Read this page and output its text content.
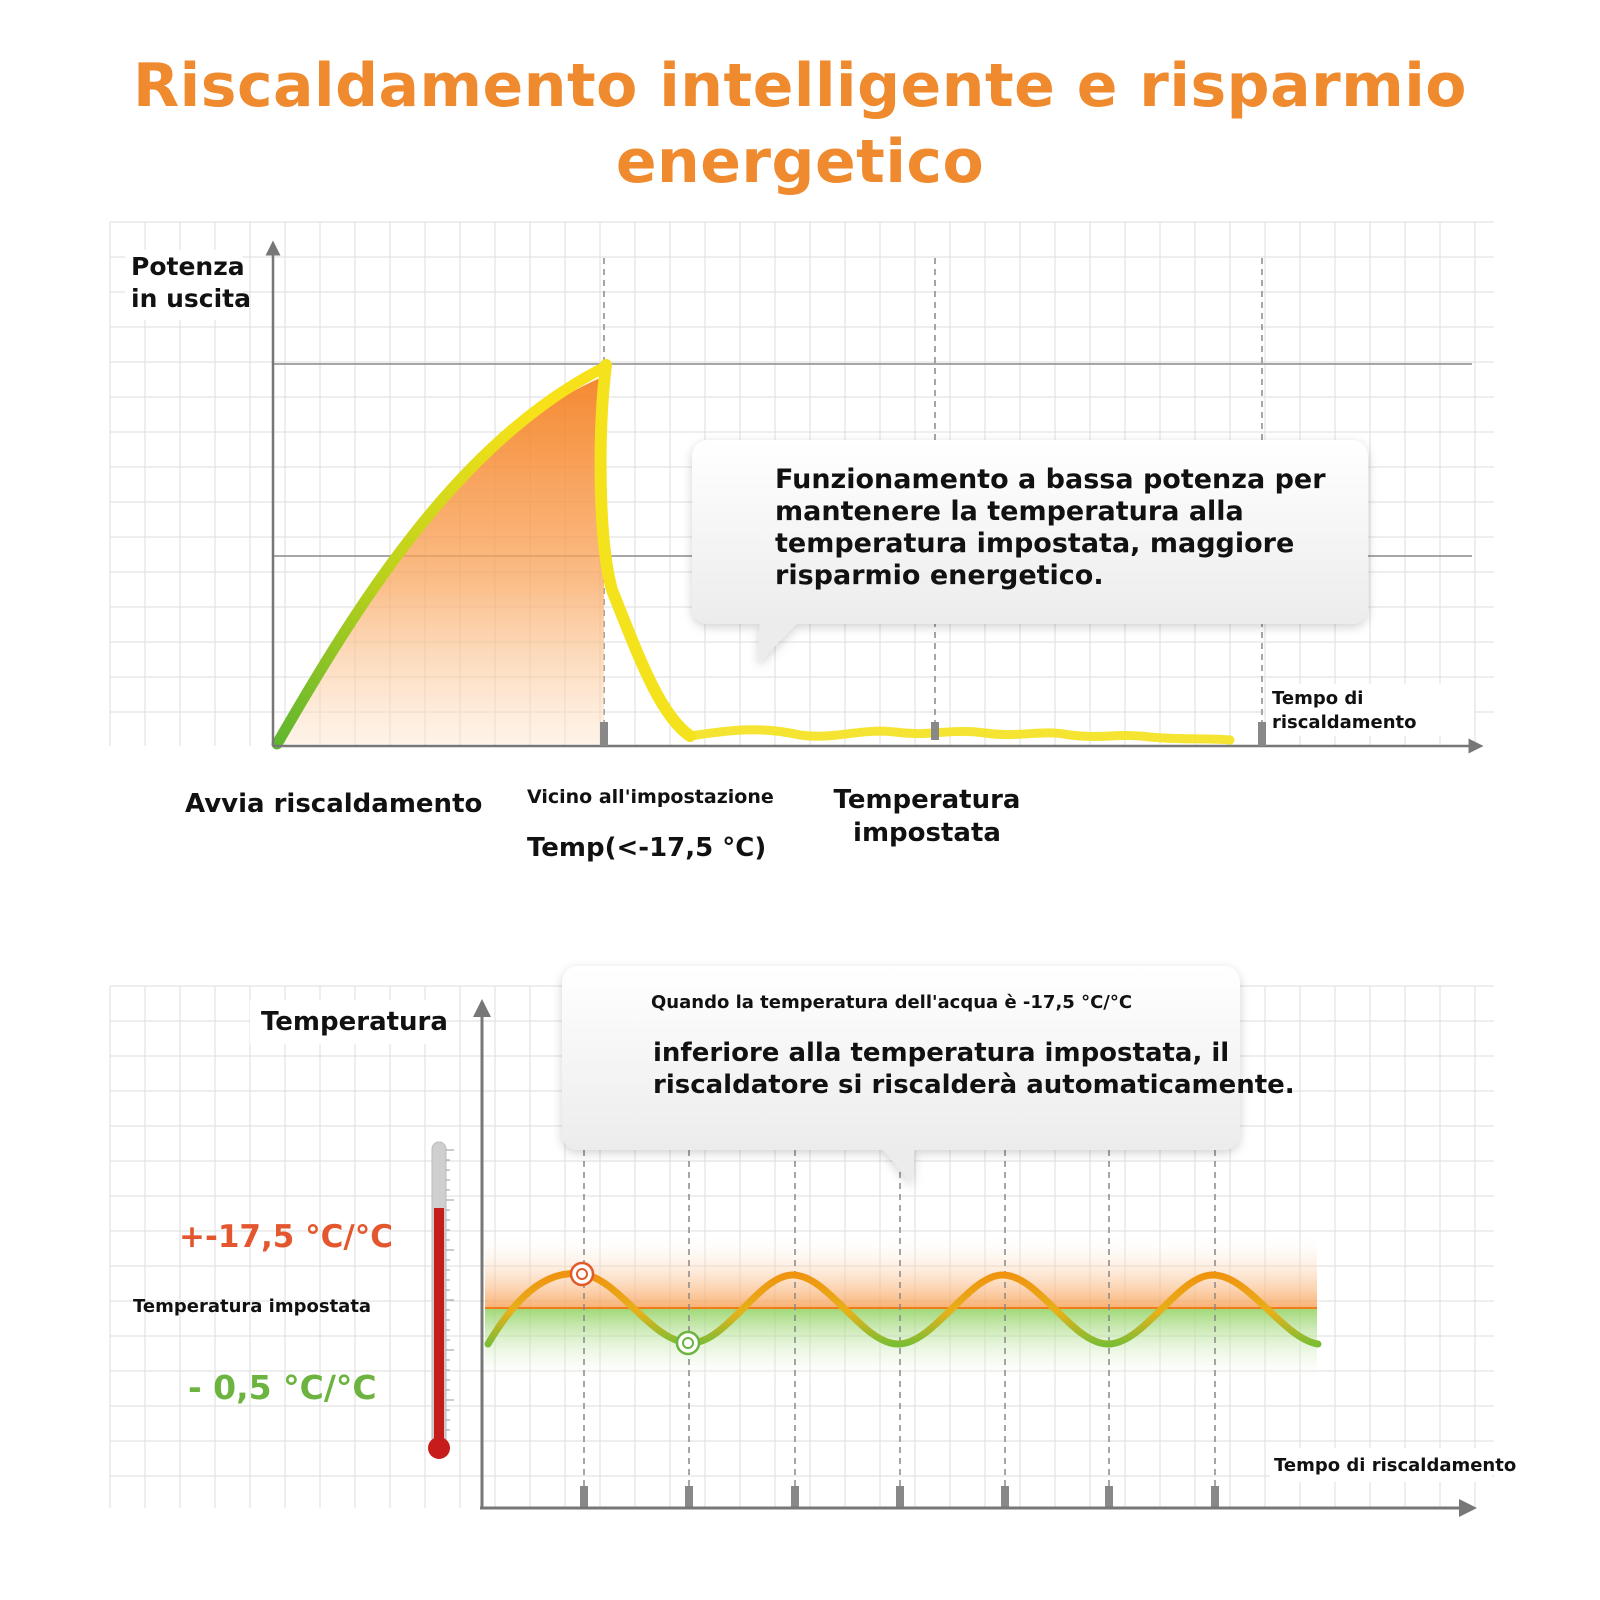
Riscaldamento intelligente e risparmio energetico
Potenza
in uscita
Tempo di
riscaldamento
Funzionamento a bassa potenza per
mantenere la temperatura alla
temperatura impostata, maggiore
risparmio energetico.
Avvia riscaldamento Vicino all'impostazione
Temp(<-17,5 °C)
Temperatura
impostata
Temperatura
+-17,5 °C/°C
Temperatura impostata
- 0,5 °C/°C
Tempo di riscaldamento
Quando la temperatura dell'acqua è -17,5 °C/°C
inferiore alla temperatura impostata, il
riscaldatore si riscalderà automaticamente.
